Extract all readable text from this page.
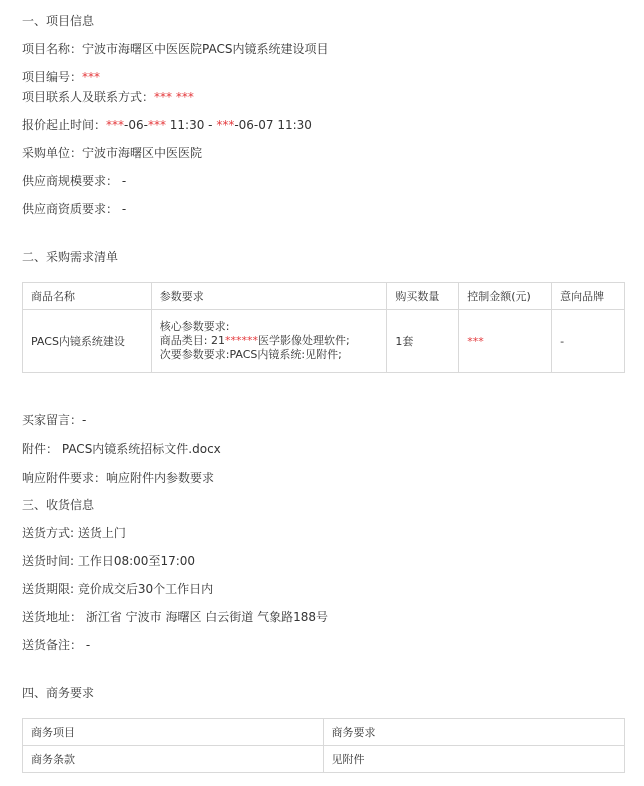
一、项目信息
项目名称：宁波市海曙区中医医院PACS内镜系统建设项目
项目编号：***
项目联系人及联系方式：*** ***
报价起止时间：***-06-*** 11:30 - ***-06-07 11:30
采购单位：宁波市海曙区中医医院
供应商规模要求： -
供应商资质要求： -
二、采购需求清单
商品名称	参数要求	购买数量	控制金额(元)	意向品牌
PACS内镜系统建设	核心参数要求:
商品类目: 21******医学影像处理软件;
次要参数要求:PACS内镜系统:见附件;	1套	***	-
买家留言：-
附件： PACS内镜系统招标文件.docx
响应附件要求：响应附件内参数要求
三、收货信息
送货方式: 送货上门
送货时间: 工作日08:00至17:00
送货期限: 竞价成交后30个工作日内
送货地址： 浙江省 宁波市 海曙区 白云街道 气象路188号
送货备注： -
四、商务要求
商务项目	商务要求
商务条款	见附件
